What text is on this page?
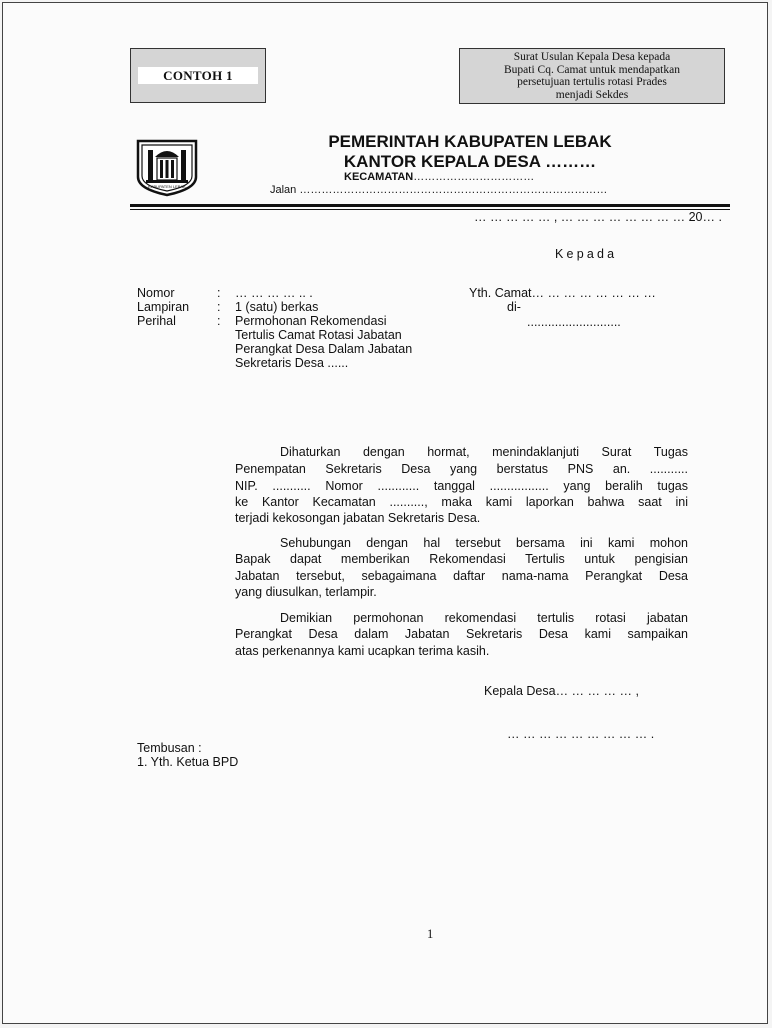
CONTOH 1
Surat Usulan Kepala Desa kepada
Bupati Cq. Camat untuk mendapatkan
persetujuan tertulis rotasi Prades
menjadi Sekdes
KABUPATEN LEBAK
PEMERINTAH KABUPATEN LEBAK
KANTOR KEPALA DESA ………
KECAMATAN……………………………
Jalan …………………………………………………………………………
… … … … … , … … … … … … … … 20… .
Kepada
Nomor
Lampiran
Perihal
:
:
:
… … … … .. .
1 (satu) berkas
Permohonan Rekomendasi
Tertulis Camat Rotasi Jabatan
Perangkat Desa Dalam Jabatan
Sekretaris Desa ......
Yth. Camat… … … … … … … …
di-
...........................
Dihaturkan dengan hormat, menindaklanjuti Surat Tugas
Penempatan Sekretaris Desa yang berstatus PNS an. ...........
NIP. ........... Nomor ............ tanggal ................. yang beralih tugas
ke Kantor Kecamatan .........., maka kami laporkan bahwa saat ini
terjadi kekosongan jabatan Sekretaris Desa.
Sehubungan dengan hal tersebut bersama ini kami mohon
Bapak dapat memberikan Rekomendasi Tertulis untuk pengisian
Jabatan tersebut, sebagaimana daftar nama-nama Perangkat Desa
yang diusulkan, terlampir.
Demikian permohonan rekomendasi tertulis rotasi jabatan
Perangkat Desa dalam Jabatan Sekretaris Desa kami sampaikan
atas perkenannya kami ucapkan terima kasih.
Kepala Desa… … … … … ,
… … … … … … … … … .
Tembusan :
1. Yth. Ketua BPD
1
